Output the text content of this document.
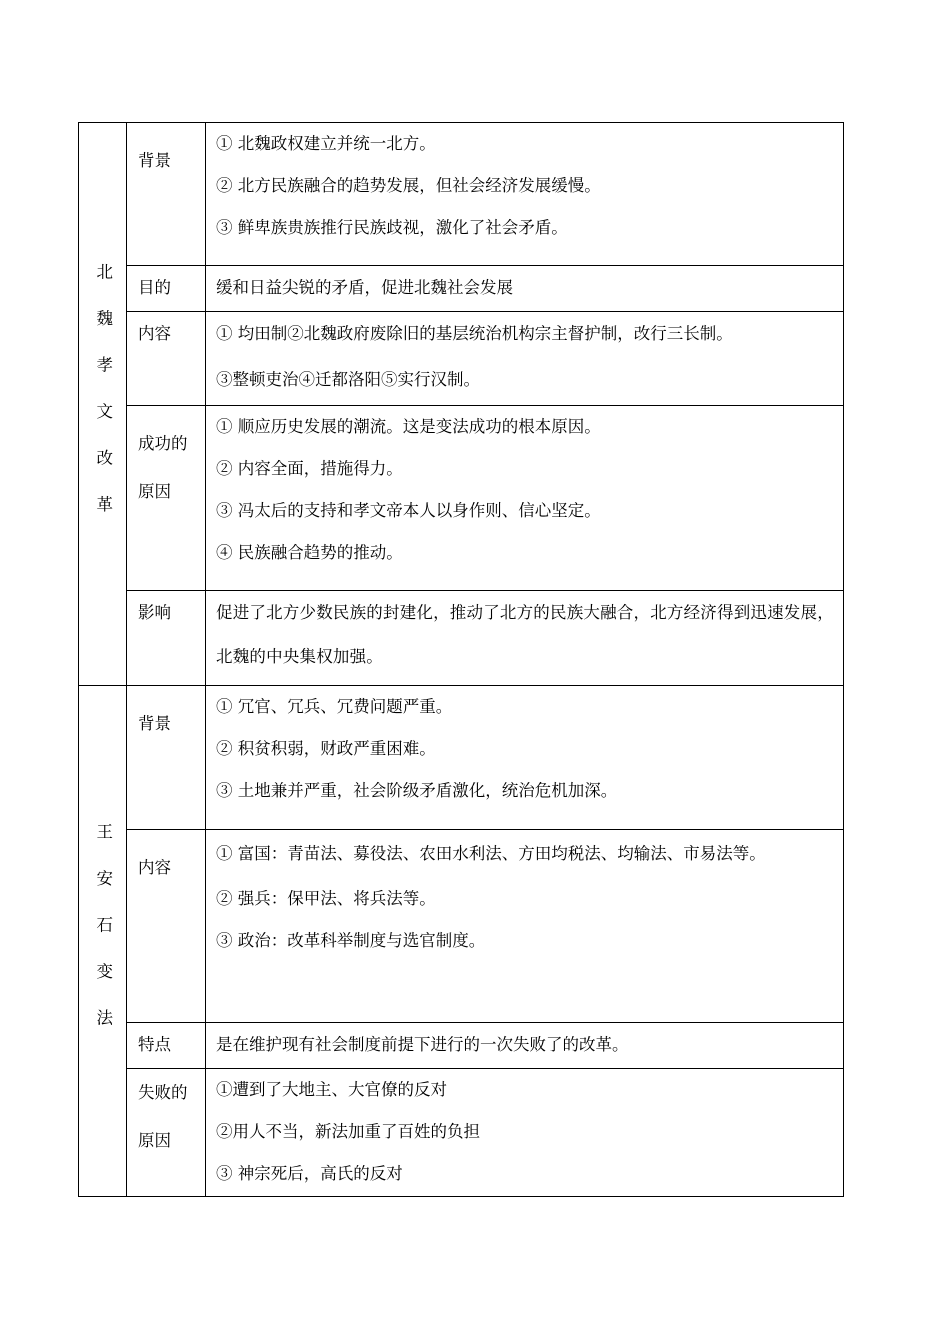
北魏孝文改革	背景	① 北魏政权建立并统一北方。
② 北方民族融合的趋势发展，但社会经济发展缓慢。
③ 鲜卑族贵族推行民族歧视，激化了社会矛盾。

	目的	缓和日益尖锐的矛盾，促进北魏社会发展

	内容	① 均田制②北魏政府废除旧的基层统治机构宗主督护制，改行三长制。
③整顿吏治④迁都洛阳⑤实行汉制。

	成功的
原因	① 顺应历史发展的潮流。这是变法成功的根本原因。
② 内容全面，措施得力。
③ 冯太后的支持和孝文帝本人以身作则、信心坚定。
④ 民族融合趋势的推动。

	影响	促进了北方少数民族的封建化，推动了北方的民族大融合，北方经济得到迅速发展，北魏的中央集权加强。

王安石变法	背景	① 冗官、冗兵、冗费问题严重。
② 积贫积弱，财政严重困难。
③ 土地兼并严重，社会阶级矛盾激化，统治危机加深。

	内容	① 富国：青苗法、募役法、农田水利法、方田均税法、均输法、市易法等。
② 强兵：保甲法、将兵法等。
③ 政治：改革科举制度与选官制度。

	特点	是在维护现有社会制度前提下进行的一次失败了的改革。

	失败的
原因	①遭到了大地主、大官僚的反对
②用人不当，新法加重了百姓的负担
③ 神宗死后，高氏的反对
